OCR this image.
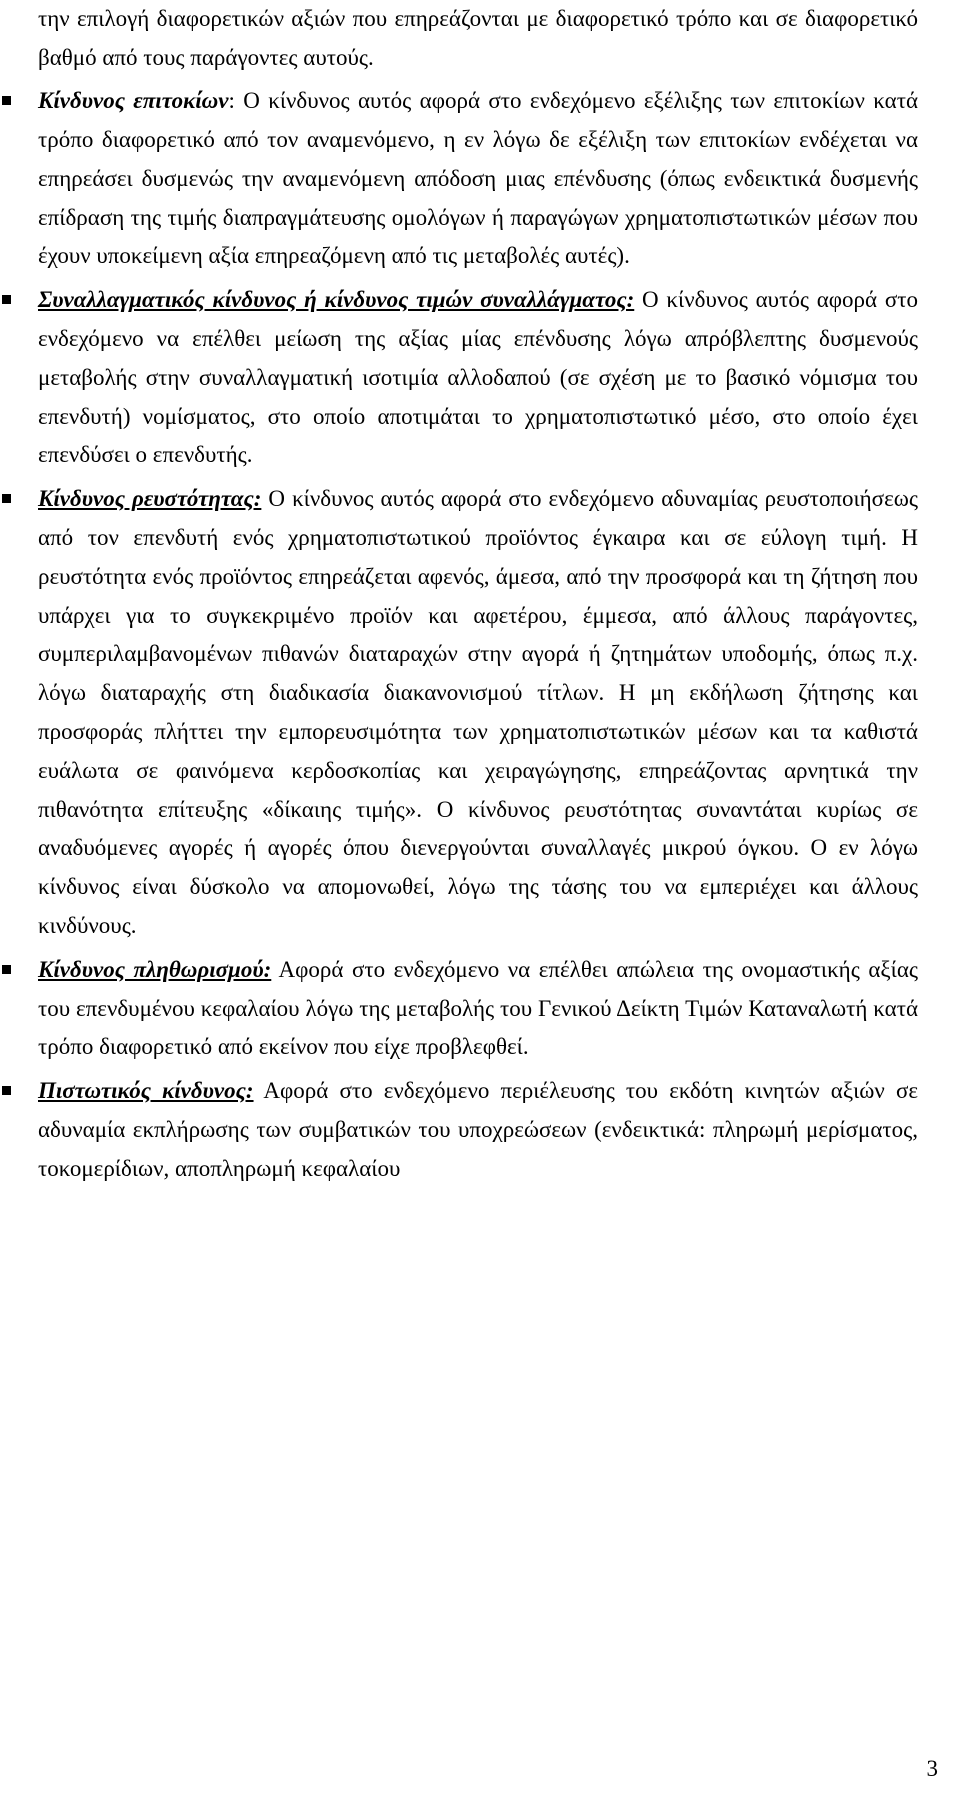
την επιλογή διαφορετικών αξιών που επηρεάζονται με διαφορετικό τρόπο και σε διαφορετικό βαθμό από τους παράγοντες αυτούς.

Κίνδυνος επιτοκίων: Ο κίνδυνος αυτός αφορά στο ενδεχόμενο εξέλιξης των επιτοκίων κατά τρόπο διαφορετικό από τον αναμενόμενο, η εν λόγω δε εξέλιξη των επιτοκίων ενδέχεται να επηρεάσει δυσμενώς την αναμενόμενη απόδοση μιας επένδυσης (όπως ενδεικτικά δυσμενής επίδραση της τιμής διαπραγμάτευσης ομολόγων ή παραγώγων χρηματοπιστωτικών μέσων που έχουν υποκείμενη αξία επηρεαζόμενη από τις μεταβολές αυτές).
Συναλλαγματικός κίνδυνος ή κίνδυνος τιμών συναλλάγματος: Ο κίνδυνος αυτός αφορά στο ενδεχόμενο να επέλθει μείωση της αξίας μίας επένδυσης λόγω απρόβλεπτης δυσμενούς μεταβολής στην συναλλαγματική ισοτιμία αλλοδαπού (σε σχέση με το βασικό νόμισμα του επενδυτή) νομίσματος, στο οποίο αποτιμάται το χρηματοπιστωτικό μέσο, στο οποίο έχει επενδύσει ο επενδυτής.
Κίνδυνος ρευστότητας: Ο κίνδυνος αυτός αφορά στο ενδεχόμενο αδυναμίας ρευστοποιήσεως από τον επενδυτή ενός χρηματοπιστωτικού προϊόντος έγκαιρα και σε εύλογη τιμή. Η ρευστότητα ενός προϊόντος επηρεάζεται αφενός, άμεσα, από την προσφορά και τη ζήτηση που υπάρχει για το συγκεκριμένο προϊόν και αφετέρου, έμμεσα, από άλλους παράγοντες, συμπεριλαμβανομένων πιθανών διαταραχών στην αγορά ή ζητημάτων υποδομής, όπως π.χ. λόγω διαταραχής στη διαδικασία διακανονισμού τίτλων. Η μη εκδήλωση ζήτησης και προσφοράς πλήττει την εμπορευσιμότητα των χρηματοπιστωτικών μέσων και τα καθιστά ευάλωτα σε φαινόμενα κερδοσκοπίας και χειραγώγησης, επηρεάζοντας αρνητικά την πιθανότητα επίτευξης «δίκαιης τιμής». Ο κίνδυνος ρευστότητας συναντάται κυρίως σε αναδυόμενες αγορές ή αγορές όπου διενεργούνται συναλλαγές μικρού όγκου. Ο εν λόγω κίνδυνος είναι δύσκολο να απομονωθεί, λόγω της τάσης του να εμπεριέχει και άλλους κινδύνους.
Κίνδυνος πληθωρισμού: Αφορά στο ενδεχόμενο να επέλθει απώλεια της ονομαστικής αξίας του επενδυμένου κεφαλαίου λόγω της μεταβολής του Γενικού Δείκτη Τιμών Καταναλωτή κατά τρόπο διαφορετικό από εκείνον που είχε προβλεφθεί.
Πιστωτικός κίνδυνος: Αφορά στο ενδεχόμενο περιέλευσης του εκδότη κινητών αξιών σε αδυναμία εκπλήρωσης των συμβατικών του υποχρεώσεων (ενδεικτικά: πληρωμή μερίσματος, τοκομερίδιων, αποπληρωμή κεφαλαίου
3
